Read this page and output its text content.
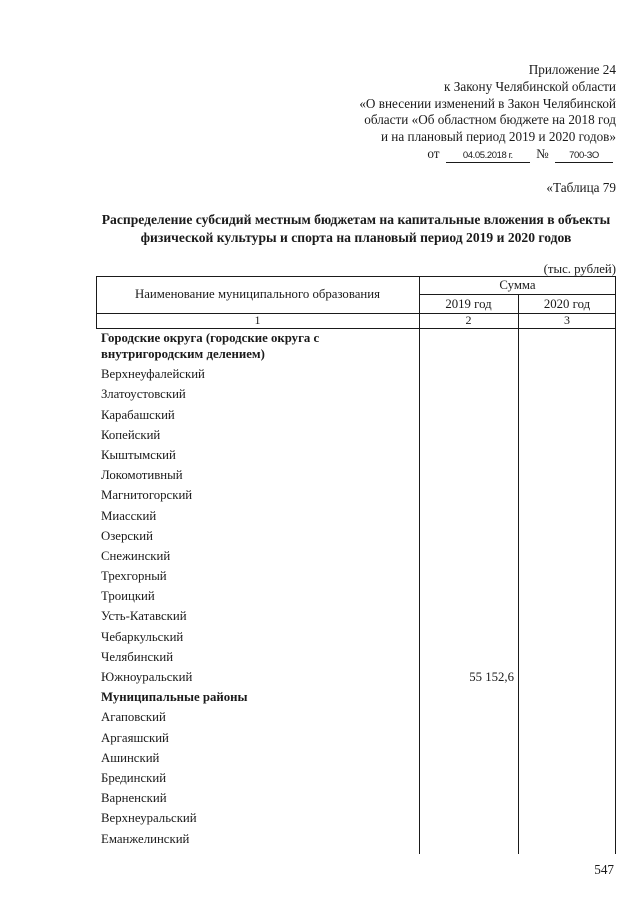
Приложение 24
к Закону Челябинской области
«О внесении изменений в Закон Челябинской
области «Об областном бюджете на 2018 год
и на плановый период 2019 и 2020 годов»
от 04.05.2018 г. № 700-ЗО
«Таблица 79
Распределение субсидий местным бюджетам на капитальные вложения в объекты физической культуры и спорта на плановый период 2019 и 2020 годов
(тыс. рублей)
Наименование муниципального образования
Сумма
2019 год	2020 год
1	2	3
Городские округа (городские округа с внутригородским делением)
Верхнеуфалейский
Златоустовский
Карабашский
Копейский
Кыштымский
Локомотивный
Магнитогорский
Миасский
Озерский
Снежинский
Трехгорный
Троицкий
Усть-Катавский
Чебаркульский
Челябинский
Южноуральский	55 152,6
Муниципальные районы
Агаповский
Аргаяшский
Ашинский
Брединский
Варненский
Верхнеуральский
Еманжелинский
547
